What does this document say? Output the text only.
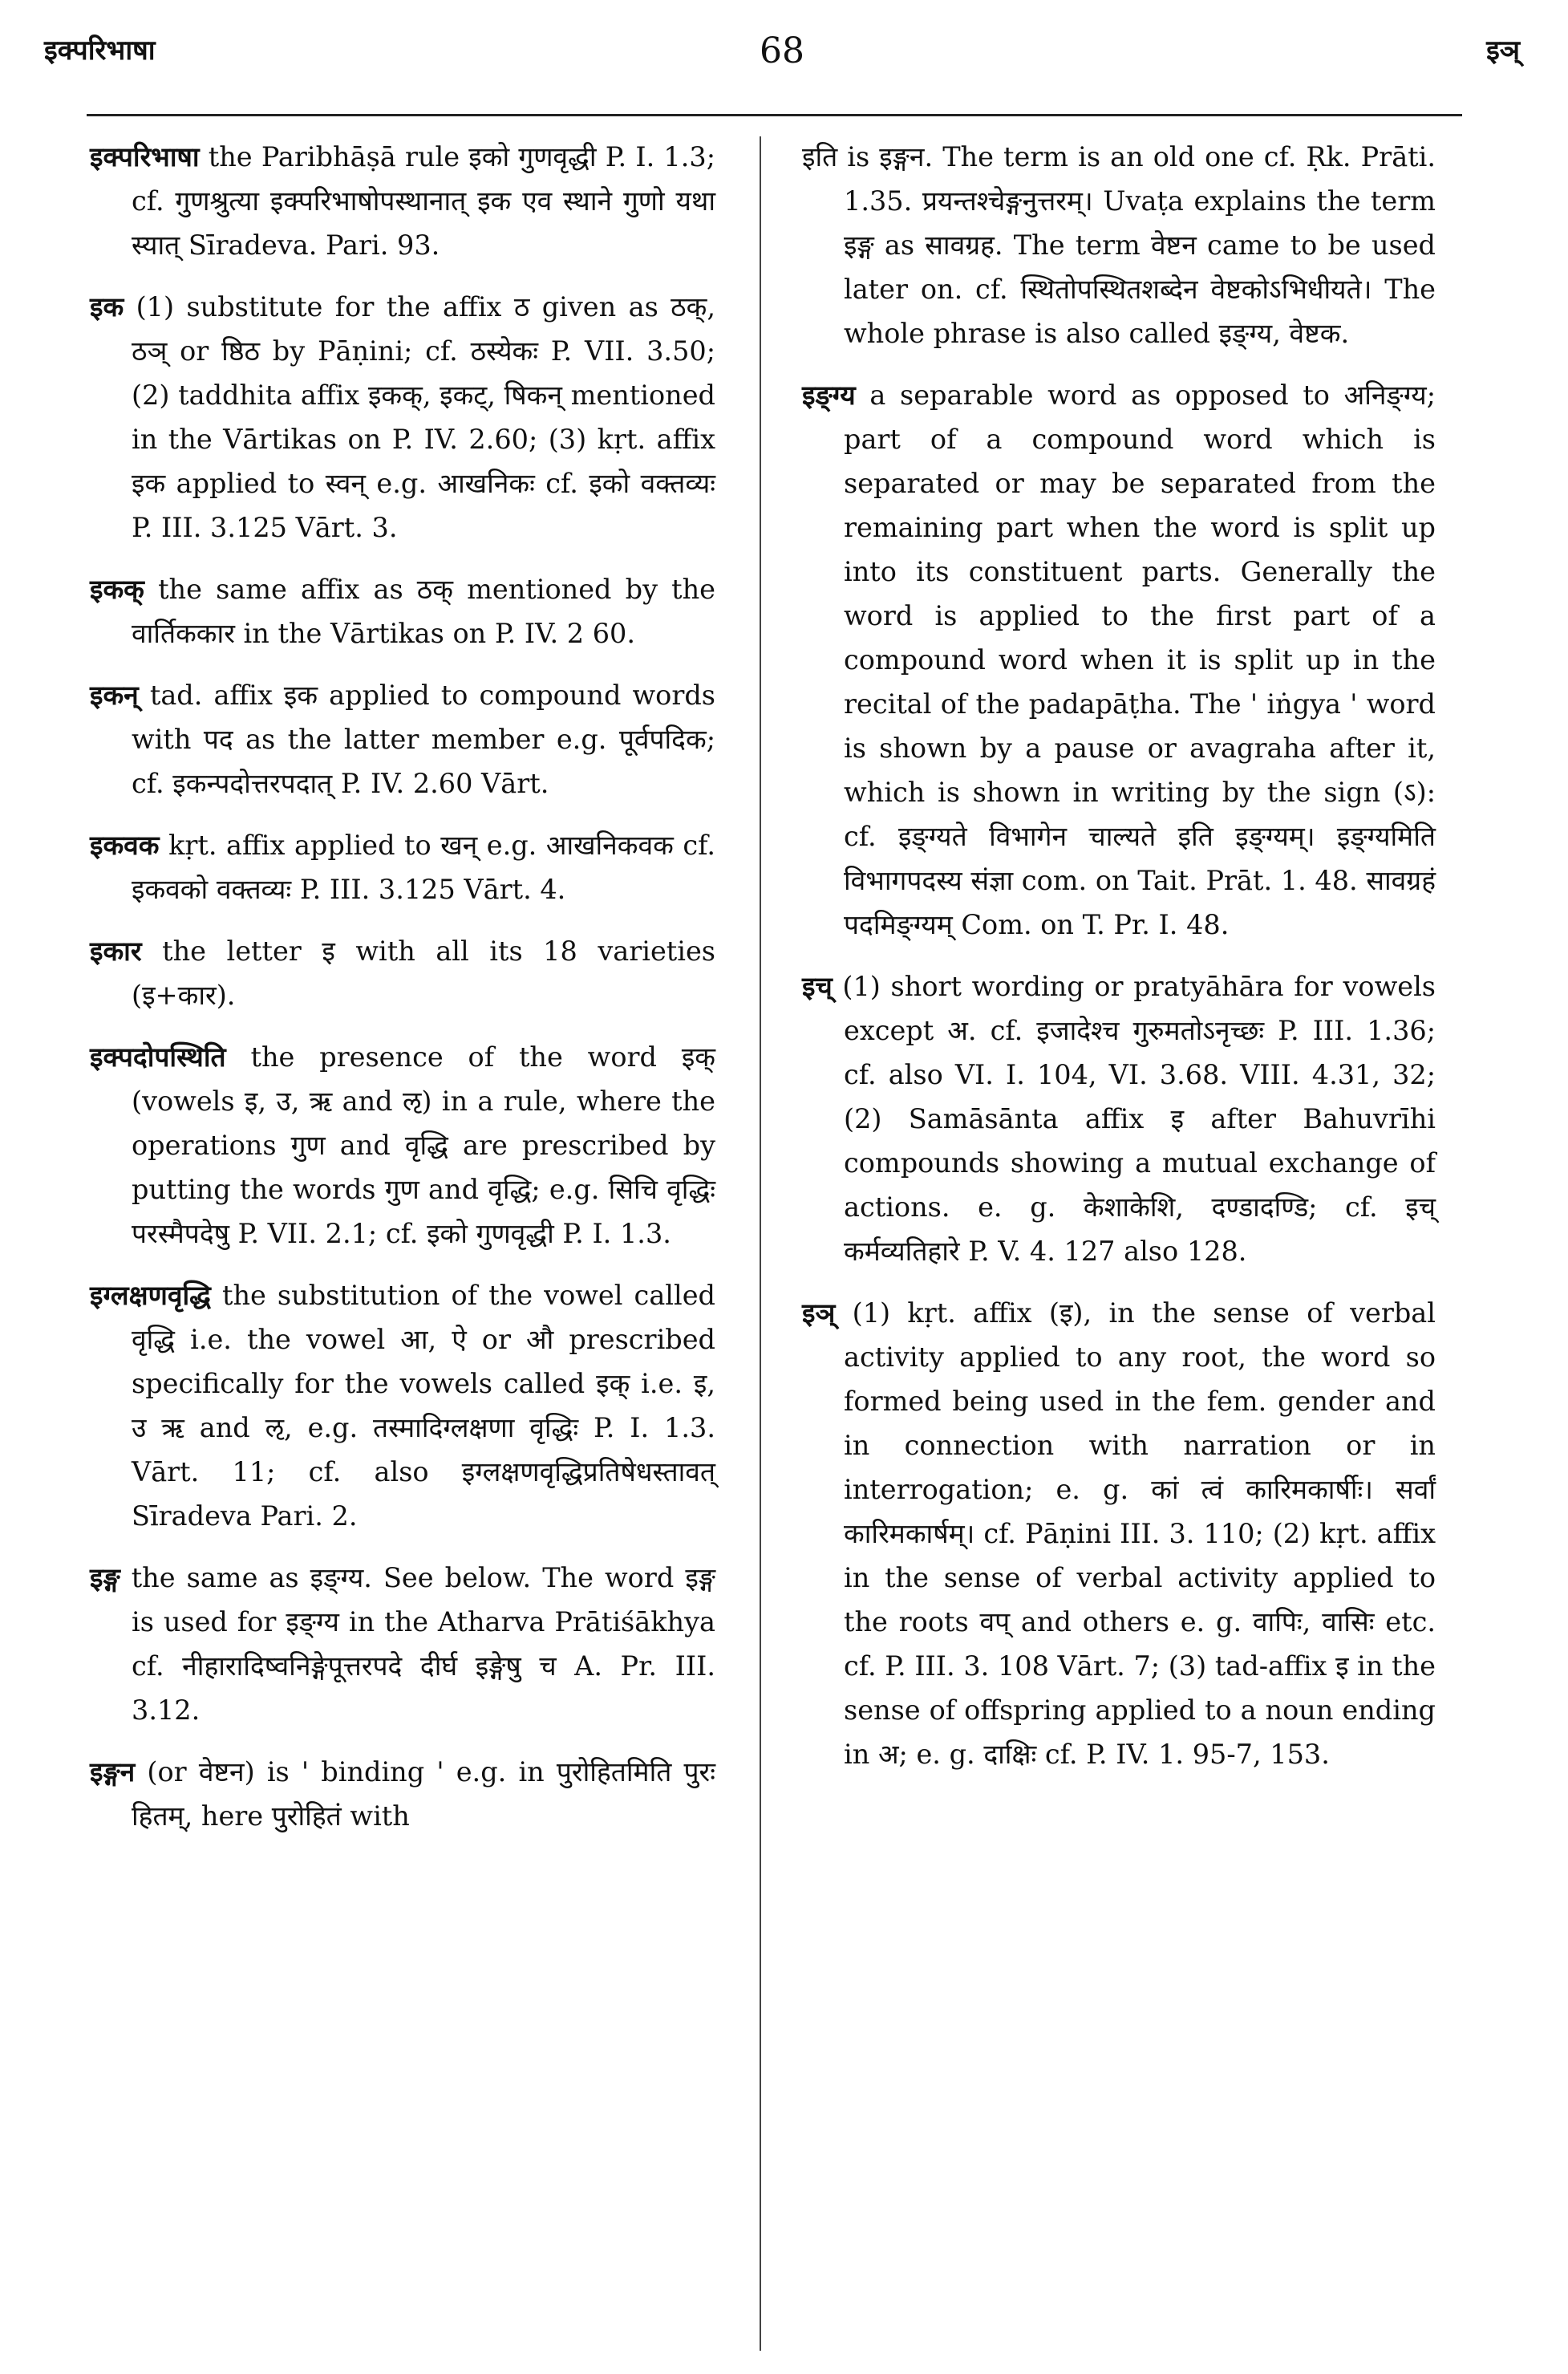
इक्परिभाषा	68	इञ्

इक्परिभाषा the Paribhāṣā rule इको गुणवृद्धी P. I. 1.3; cf. गुणश्रुत्या इक्परिभाषोपस्थानात् इक एव स्थाने गुणो यथा स्यात् Sīradeva. Pari. 93.

इक (1) substitute for the affix ठ given as ठक्, ठञ् or ष्ठिठ by Pāṇini; cf. ठस्येकः P. VII. 3.50; (2) taddhita affix इकक्, इकट्, षिकन् mentioned in the Vārtikas on P. IV. 2.60; (3) kṛt. affix इक applied to स्वन् e.g. आखनिकः cf. इको वक्तव्यः P. III. 3.125 Vārt. 3.

इकक् the same affix as ठक् mentioned by the वार्तिककार in the Vārtikas on P. IV. 2 60.

इकन् tad. affix इक applied to compound words with पद as the latter member e.g. पूर्वपदिक; cf. इकन्पदोत्तरपदात् P. IV. 2.60 Vārt.

इकवक kṛt. affix applied to खन् e.g. आखनिकवक cf. इकवको वक्तव्यः P. III. 3.125 Vārt. 4.

इकार the letter इ with all its 18 varieties (इ+कार).

इक्पदोपस्थिति the presence of the word इक् (vowels इ, उ, ऋ and ऌ) in a rule, where the operations गुण and वृद्धि are prescribed by putting the words गुण and वृद्धि; e.g. सिचि वृद्धिः परस्मैपदेषु P. VII. 2.1; cf. इको गुणवृद्धी P. I. 1.3.

इग्लक्षणवृद्धि the substitution of the vowel called वृद्धि i.e. the vowel आ, ऐ or औ prescribed specifically for the vowels called इक् i.e. इ, उ ऋ and ऌ, e.g. तस्मादिग्लक्षणा वृद्धिः P. I. 1.3. Vārt. 11; cf. also इग्लक्षणवृद्धिप्रतिषेधस्तावत् Sīradeva Pari. 2.

इङ्ग the same as इङ्ग्य. See below. The word इङ्ग is used for इङ्ग्य in the Atharva Prātiśākhya cf. नीहारादिष्वनिङ्गेपूत्तरपदे दीर्घ इङ्गेषु च A. Pr. III. 3.12.

इङ्गन (or वेष्टन) is ' binding ' e.g. in पुरोहितमिति पुरः हितम्, here पुरोहितं with

इति is इङ्गन. The term is an old one cf. Ṛk. Prāti. 1.35. प्रयन्तश्चेङ्गनुत्तरम्। Uvaṭa explains the term इङ्ग as सावग्रह. The term वेष्टन came to be used later on. cf. स्थितोपस्थितशब्देन वेष्टकोऽभिधीयते। The whole phrase is also called इङ्ग्य, वेष्टक.

इङ्ग्य a separable word as opposed to अनिङ्ग्य; part of a compound word which is separated or may be separated from the remaining part when the word is split up into its constituent parts. Generally the word is applied to the first part of a compound word when it is split up in the recital of the padapāṭha. The ' iṅgya ' word is shown by a pause or avagraha after it, which is shown in writing by the sign (ऽ): cf. इङ्ग्यते विभागेन चाल्यते इति इङ्ग्यम्। इङ्ग्यमिति विभागपदस्य संज्ञा com. on Tait. Prāt. 1. 48. सावग्रहं पदमिङ्ग्यम् Com. on T. Pr. I. 48.

इच् (1) short wording or pratyāhāra for vowels except अ. cf. इजादेश्च गुरुमतोऽनृच्छः P. III. 1.36; cf. also VI. I. 104, VI. 3.68. VIII. 4.31, 32; (2) Samāsānta affix इ after Bahuvrīhi compounds showing a mutual exchange of actions. e. g. केशाकेशि, दण्डादण्डि; cf. इच् कर्मव्यतिहारे P. V. 4. 127 also 128.

इञ् (1) kṛt. affix (इ), in the sense of verbal activity applied to any root, the word so formed being used in the fem. gender and in connection with narration or in interrogation; e. g. कां त्वं कारिमकार्षीः। सर्वां कारिमकार्षम्। cf. Pāṇini III. 3. 110; (2) kṛt. affix in the sense of verbal activity applied to the roots वप् and others e. g. वापिः, वासिः etc. cf. P. III. 3. 108 Vārt. 7; (3) tad-affix इ in the sense of offspring applied to a noun ending in अ; e. g. दाक्षिः cf. P. IV. 1. 95-7, 153.
